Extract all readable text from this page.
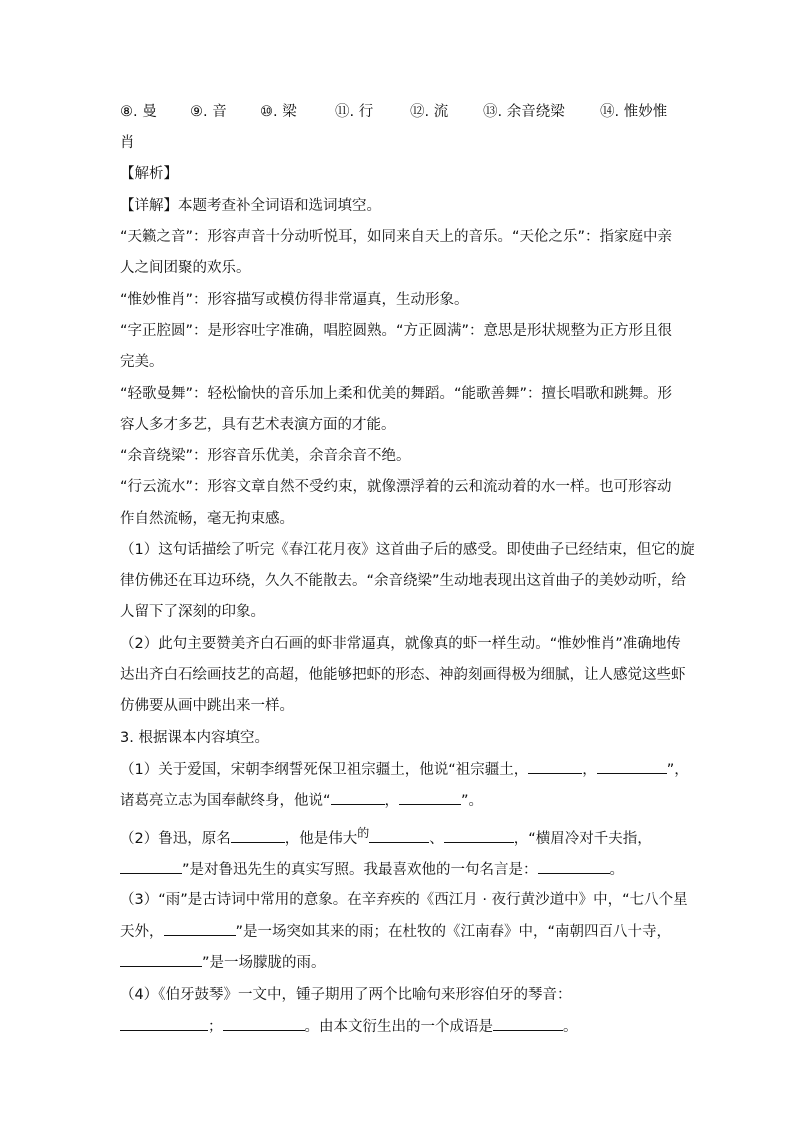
⑧. 曼 ⑨. 音 ⑩. 梁	⑪. 行	⑫. 流 ⑬. 余音绕梁 ⑭. 惟妙惟
肖
【解析】
【详解】本题考查补全词语和选词填空。
“天籁之音”：形容声音十分动听悦耳，如同来自天上的音乐。“天伦之乐”：指家庭中亲
人之间团聚的欢乐。
“惟妙惟肖”：形容描写或模仿得非常逼真，生动形象。
“字正腔圆”：是形容吐字准确，唱腔圆熟。“方正圆满”：意思是形状规整为正方形且很
完美。
“轻歌曼舞”：轻松愉快的音乐加上柔和优美的舞蹈。“能歌善舞”：擅长唱歌和跳舞。形
容人多才多艺，具有艺术表演方面的才能。
“余音绕梁”：形容音乐优美，余音余音不绝。
“行云流水”：形容文章自然不受约束，就像漂浮着的云和流动着的水一样。也可形容动
作自然流畅，毫无拘束感。
（1）这句话描绘了听完《春江花月夜》这首曲子后的感受。即使曲子已经结束，但它的旋
律仿佛还在耳边环绕，久久不能散去。“余音绕梁”生动地表现出这首曲子的美妙动听，给
人留下了深刻的印象。
（2）此句主要赞美齐白石画的虾非常逼真，就像真的虾一样生动。“惟妙惟肖”准确地传
达出齐白石绘画技艺的高超，他能够把虾的形态、神韵刻画得极为细腻，让人感觉这些虾
仿佛要从画中跳出来一样。
3. 根据课本内容填空。
（1）关于爱国，宋朝李纲誓死保卫祖宗疆土，他说“祖宗疆土，	，	”，
诸葛亮立志为国奉献终身，他说“	，	”。
（2）鲁迅，原名	，他是伟大$^的$	、	，“横眉冷对千夫指，
”是对鲁迅先生的真实写照。我最喜欢他的一句名言是：	。
（3）“雨”是古诗词中常用的意象。在辛弃疾的《西江月 · 夜行黄沙道中》中，“七八个星
天外，	”是一场突如其来的雨；在杜牧的《江南春》中，“南朝四百八十寺，
”是一场朦胧的雨。
（4）《伯牙鼓琴》一文中，锺子期用了两个比喻句来形容伯牙的琴音：
；	。由本文衍生出的一个成语是	。
